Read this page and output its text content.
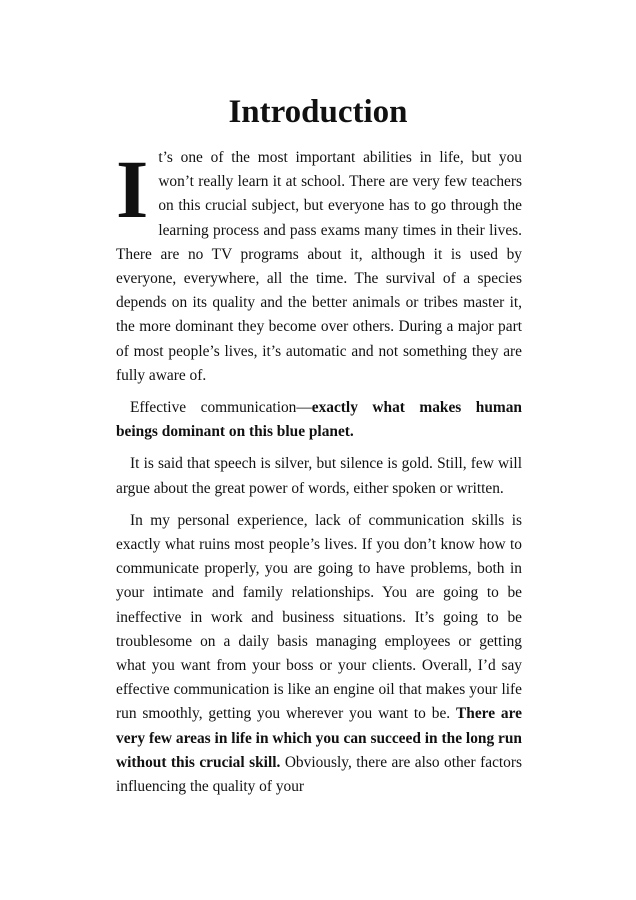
Introduction

It’s one of the most important abilities in life, but you won’t really learn it at school. There are very few teachers on this crucial subject, but everyone has to go through the learning process and pass exams many times in their lives. There are no TV programs about it, although it is used by everyone, everywhere, all the time. The survival of a species depends on its quality and the better animals or tribes master it, the more dominant they become over others. During a major part of most people’s lives, it’s automatic and not something they are fully aware of.

Effective communication—exactly what makes human beings dominant on this blue planet.

It is said that speech is silver, but silence is gold. Still, few will argue about the great power of words, either spoken or written.

In my personal experience, lack of communication skills is exactly what ruins most people’s lives. If you don’t know how to communicate properly, you are going to have problems, both in your intimate and family relationships. You are going to be ineffective in work and business situations. It’s going to be troublesome on a daily basis managing employees or getting what you want from your boss or your clients. Overall, I’d say effective communication is like an engine oil that makes your life run smoothly, getting you wherever you want to be. There are very few areas in life in which you can succeed in the long run without this crucial skill. Obviously, there are also other factors influencing the quality of your
